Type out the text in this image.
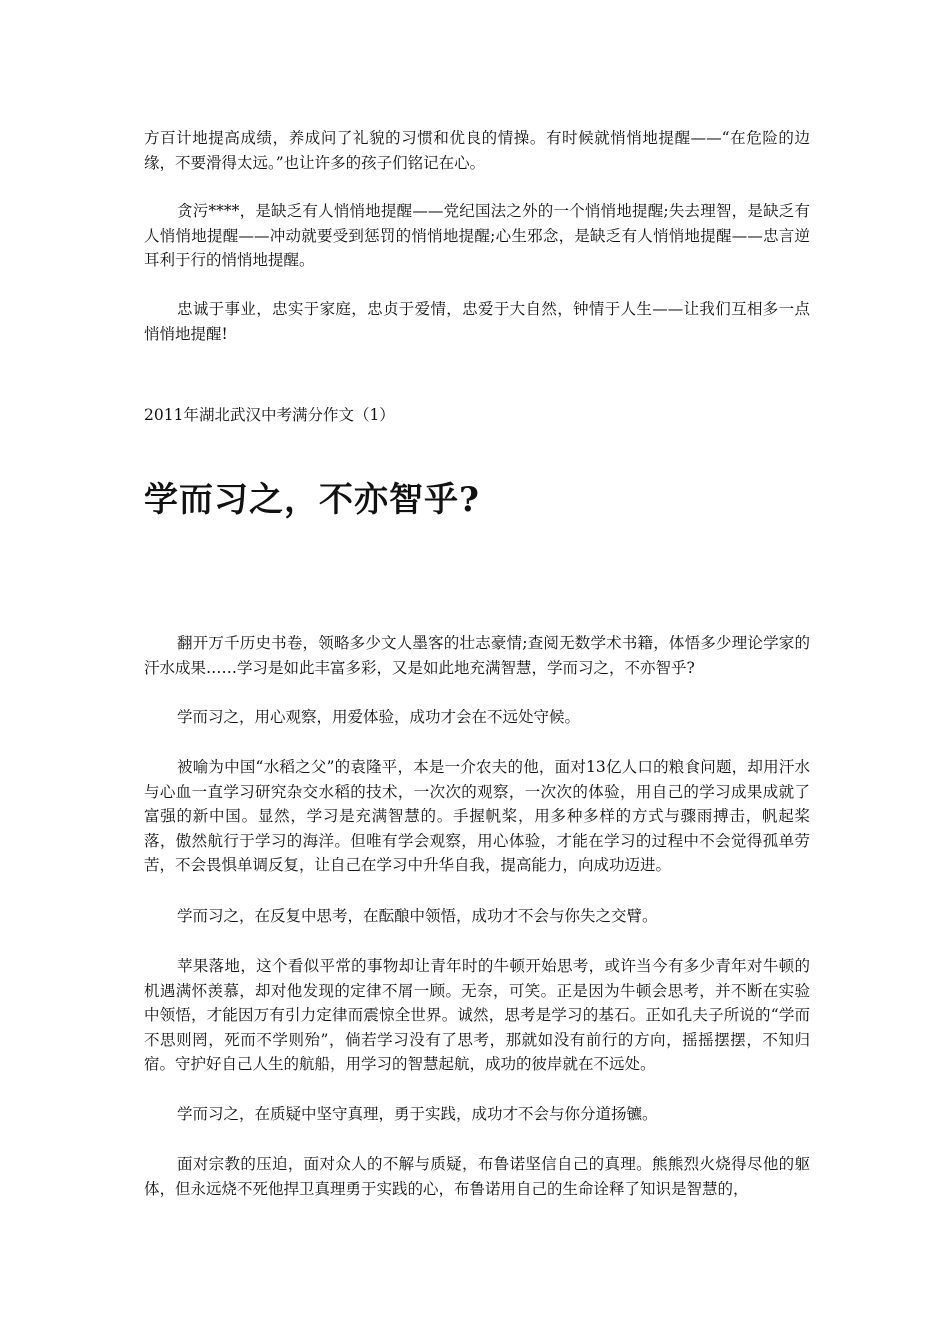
方百计地提高成绩，养成问了礼貌的习惯和优良的情操。有时候就悄悄地提醒——“在危险的边缘，不要滑得太远。”也让许多的孩子们铭记在心。

贪污****，是缺乏有人悄悄地提醒——党纪国法之外的一个悄悄地提醒;失去理智，是缺乏有人悄悄地提醒——冲动就要受到惩罚的悄悄地提醒;心生邪念，是缺乏有人悄悄地提醒——忠言逆耳利于行的悄悄地提醒。

忠诚于事业，忠实于家庭，忠贞于爱情，忠爱于大自然，钟情于人生——让我们互相多一点悄悄地提醒!

2011年湖北武汉中考满分作文（1）

学而习之，不亦智乎?

翻开万千历史书卷，领略多少文人墨客的壮志豪情;查阅无数学术书籍，体悟多少理论学家的汗水成果……学习是如此丰富多彩，又是如此地充满智慧，学而习之，不亦智乎?

学而习之，用心观察，用爱体验，成功才会在不远处守候。

被喻为中国“水稻之父”的袁隆平，本是一介农夫的他，面对13亿人口的粮食问题，却用汗水与心血一直学习研究杂交水稻的技术，一次次的观察，一次次的体验，用自己的学习成果成就了富强的新中国。显然，学习是充满智慧的。手握帆桨，用多种多样的方式与骤雨搏击，帆起桨落，傲然航行于学习的海洋。但唯有学会观察，用心体验，才能在学习的过程中不会觉得孤单劳苦，不会畏惧单调反复，让自己在学习中升华自我，提高能力，向成功迈进。

学而习之，在反复中思考，在酝酿中领悟，成功才不会与你失之交臂。

苹果落地，这个看似平常的事物却让青年时的牛顿开始思考，或许当今有多少青年对牛顿的机遇满怀羡慕，却对他发现的定律不屑一顾。无奈，可笑。正是因为牛顿会思考，并不断在实验中领悟，才能因万有引力定律而震惊全世界。诚然，思考是学习的基石。正如孔夫子所说的“学而不思则罔，死而不学则殆”，倘若学习没有了思考，那就如没有前行的方向，摇摇摆摆，不知归宿。守护好自己人生的航船，用学习的智慧起航，成功的彼岸就在不远处。

学而习之，在质疑中坚守真理，勇于实践，成功才不会与你分道扬镳。

面对宗教的压迫，面对众人的不解与质疑，布鲁诺坚信自己的真理。熊熊烈火烧得尽他的躯体，但永远烧不死他捍卫真理勇于实践的心，布鲁诺用自己的生命诠释了知识是智慧的，
